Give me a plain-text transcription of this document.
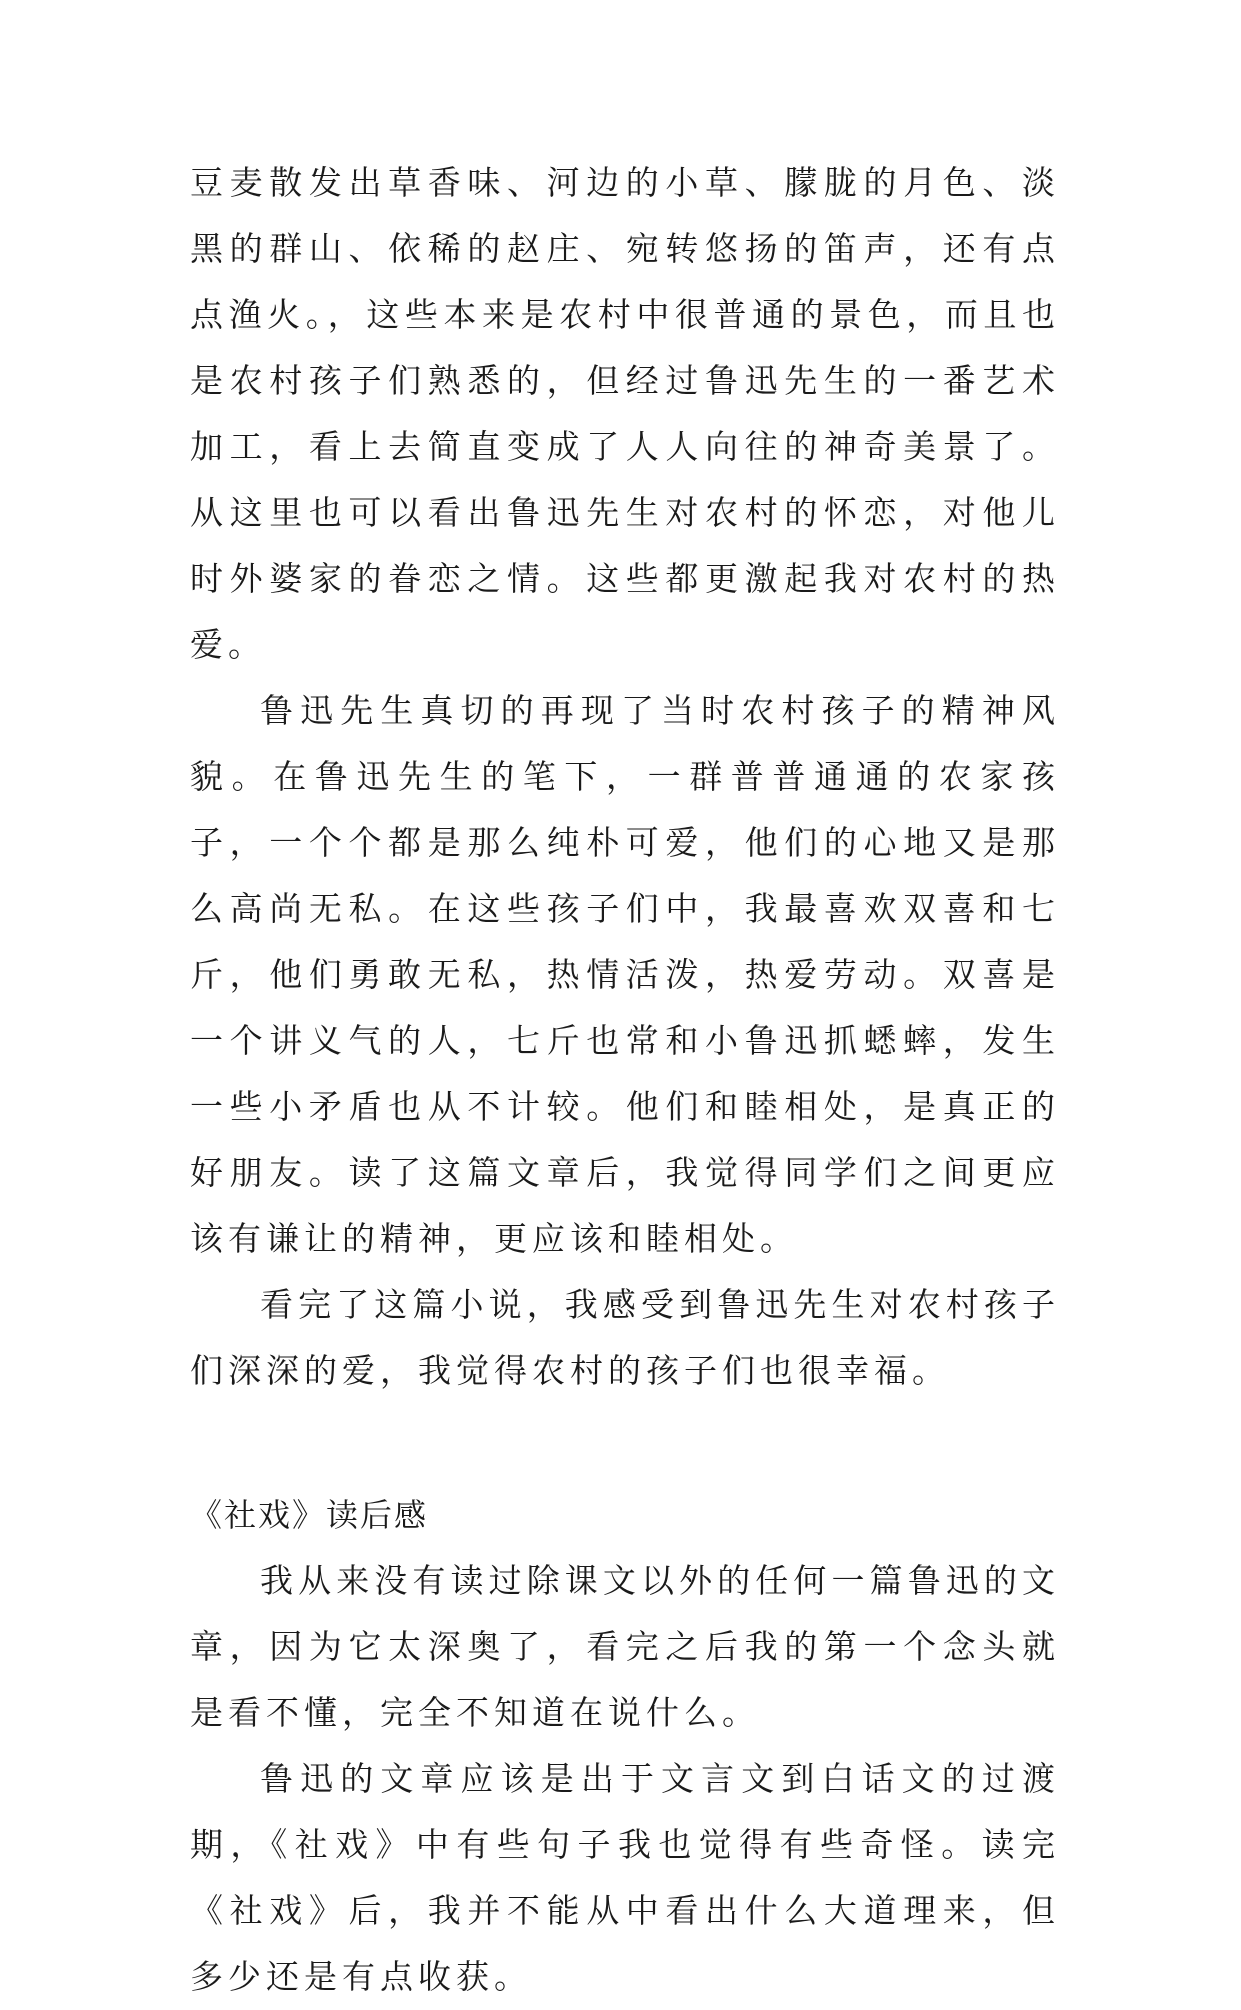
豆麦散发出草香味、河边的小草、朦胧的月色、淡黑的群山、依稀的赵庄、宛转悠扬的笛声，还有点点渔火。，这些本来是农村中很普通的景色，而且也是农村孩子们熟悉的，但经过鲁迅先生的一番艺术加工，看上去简直变成了人人向往的神奇美景了。从这里也可以看出鲁迅先生对农村的怀恋，对他儿时外婆家的眷恋之情。这些都更激起我对农村的热爱。

鲁迅先生真切的再现了当时农村孩子的精神风貌。在鲁迅先生的笔下，一群普普通通的农家孩子，一个个都是那么纯朴可爱，他们的心地又是那么高尚无私。在这些孩子们中，我最喜欢双喜和七斤，他们勇敢无私，热情活泼，热爱劳动。双喜是一个讲义气的人，七斤也常和小鲁迅抓蟋蟀，发生一些小矛盾也从不计较。他们和睦相处，是真正的好朋友。读了这篇文章后，我觉得同学们之间更应该有谦让的精神，更应该和睦相处。

看完了这篇小说，我感受到鲁迅先生对农村孩子们深深的爱，我觉得农村的孩子们也很幸福。

《社戏》读后感

我从来没有读过除课文以外的任何一篇鲁迅的文章，因为它太深奥了，看完之后我的第一个念头就是看不懂，完全不知道在说什么。

鲁迅的文章应该是出于文言文到白话文的过渡期，《社戏》中有些句子我也觉得有些奇怪。读完《社戏》后，我并不能从中看出什么大道理来，但多少还是有点收获。
